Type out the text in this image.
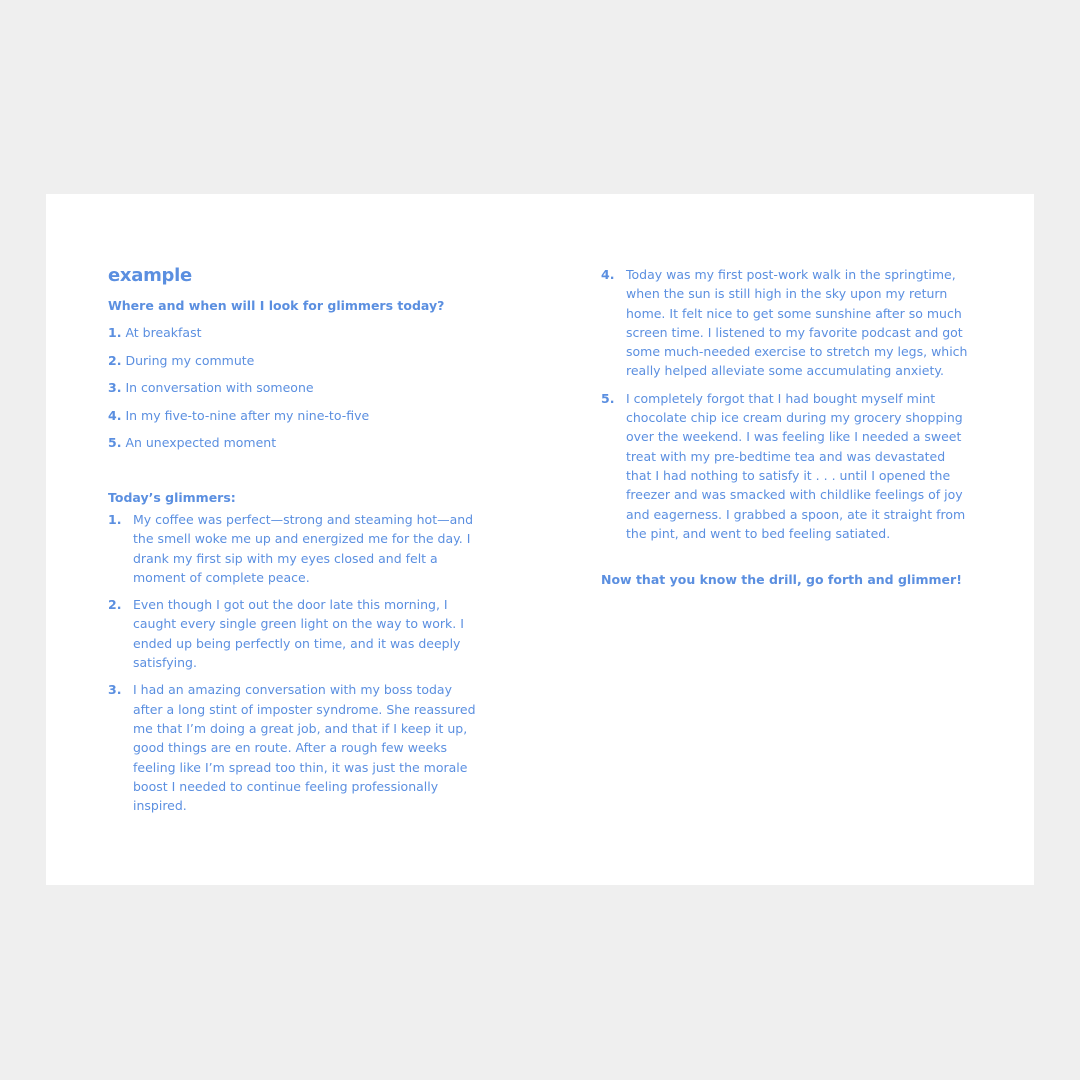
example

Where and when will I look for glimmers today?

1. At breakfast
2. During my commute
3. In conversation with someone
4. In my five-to-nine after my nine-to-five
5. An unexpected moment

Today’s glimmers:

1. My coffee was perfect—strong and steaming hot—and the smell woke me up and energized me for the day. I drank my first sip with my eyes closed and felt a moment of complete peace.
2. Even though I got out the door late this morning, I caught every single green light on the way to work. I ended up being perfectly on time, and it was deeply satisfying.
3. I had an amazing conversation with my boss today after a long stint of imposter syndrome. She reassured me that I’m doing a great job, and that if I keep it up, good things are en route. After a rough few weeks feeling like I’m spread too thin, it was just the morale boost I needed to continue feeling professionally inspired.
4. Today was my first post-work walk in the springtime, when the sun is still high in the sky upon my return home. It felt nice to get some sunshine after so much screen time. I listened to my favorite podcast and got some much-needed exercise to stretch my legs, which really helped alleviate some accumulating anxiety.
5. I completely forgot that I had bought myself mint chocolate chip ice cream during my grocery shopping over the weekend. I was feeling like I needed a sweet treat with my pre-bedtime tea and was devastated that I had nothing to satisfy it . . . until I opened the freezer and was smacked with childlike feelings of joy and eagerness. I grabbed a spoon, ate it straight from the pint, and went to bed feeling satiated.

Now that you know the drill, go forth and glimmer!
